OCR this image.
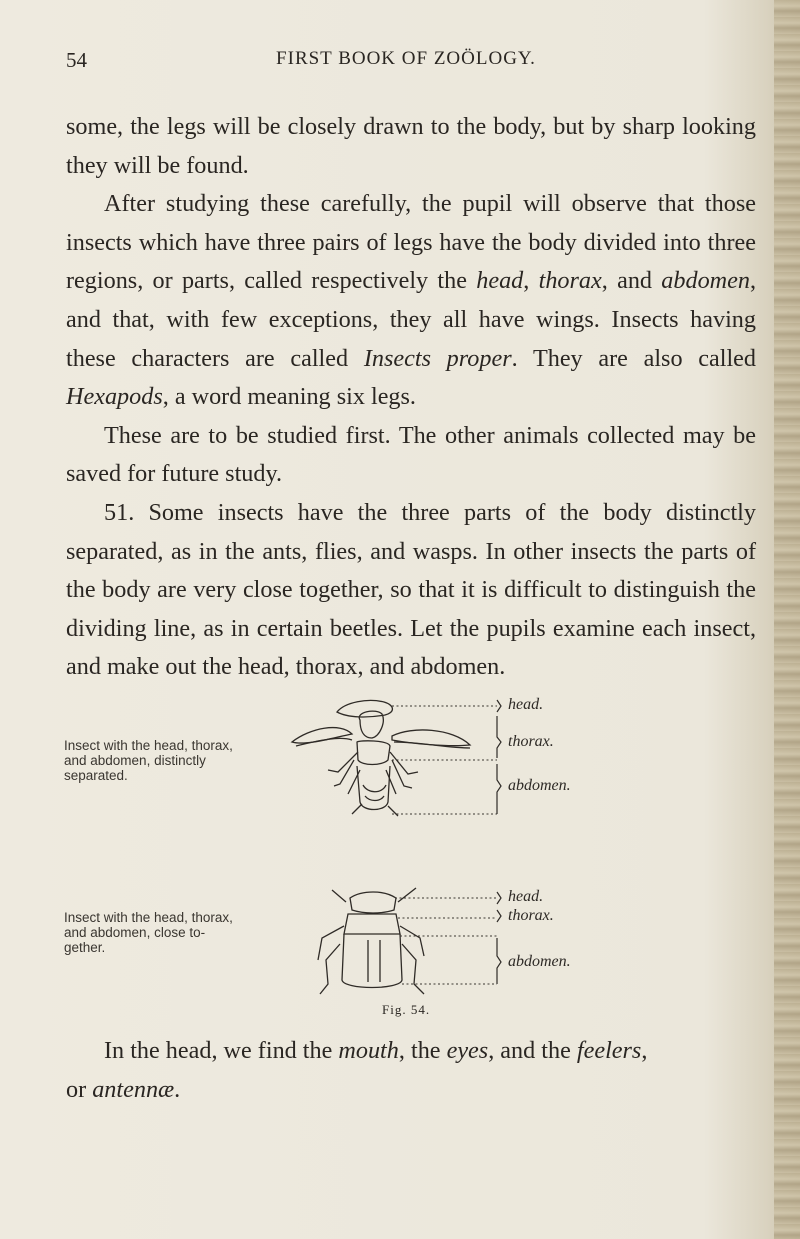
54	FIRST BOOK OF ZOÖLOGY.

some, the legs will be closely drawn to the body, but by sharp looking they will be found.

After studying these carefully, the pupil will observe that those insects which have three pairs of legs have the body divided into three regions, or parts, called respectively the head, thorax, and abdomen, and that, with few exceptions, they all have wings. Insects having these characters are called Insects proper. They are also called Hexapods, a word meaning six legs.

These are to be studied first. The other animals collected may be saved for future study.

51. Some insects have the three parts of the body distinctly separated, as in the ants, flies, and wasps. In other insects the parts of the body are very close together, so that it is difficult to distinguish the dividing line, as in certain beetles. Let the pupils examine each insect, and make out the head, thorax, and abdomen.

Insect with the head, thorax,
and abdomen, distinctly
separated.
head.
thorax.
abdomen.
Insect with the head, thorax,
and abdomen, close to-
gether.
head.
thorax.
abdomen.
Fig. 54.
In the head, we find the mouth, the eyes, and the feelers,
or antennæ.
